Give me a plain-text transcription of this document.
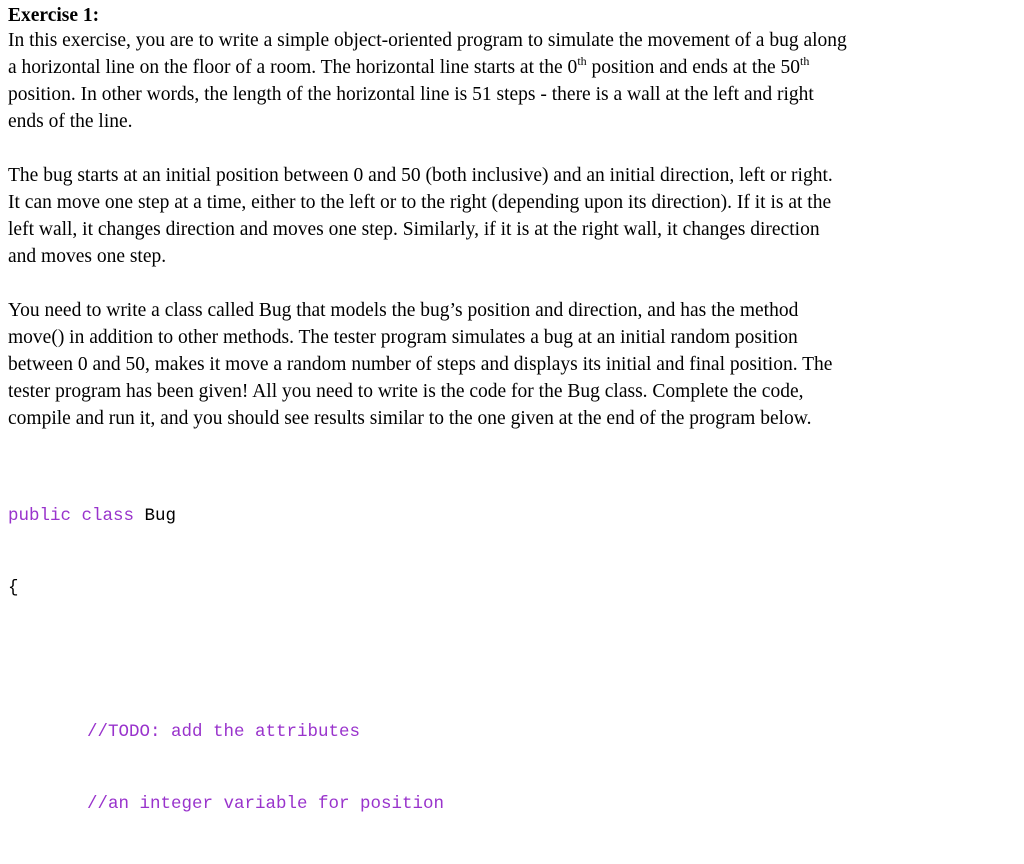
Exercise 1:
In this exercise, you are to write a simple object-oriented program to simulate the movement of a bug along
a horizontal line on the floor of a room. The horizontal line starts at the 0th position and ends at the 50th
position. In other words, the length of the horizontal line is 51 steps - there is a wall at the left and right
ends of the line.
The bug starts at an initial position between 0 and 50 (both inclusive) and an initial direction, left or right.
It can move one step at a time, either to the left or to the right (depending upon its direction). If it is at the
left wall, it changes direction and moves one step. Similarly, if it is at the right wall, it changes direction
and moves one step.
You need to write a class called Bug that models the bug’s position and direction, and has the method
move() in addition to other methods. The tester program simulates a bug at an initial random position
between 0 and 50, makes it move a random number of steps and displays its initial and final position. The
tester program has been given! All you need to write is the code for the Bug class. Complete the code,
compile and run it, and you should see results similar to the one given at the end of the program below.

public class Bug

{

//TODO: add the attributes

//an integer variable for position
